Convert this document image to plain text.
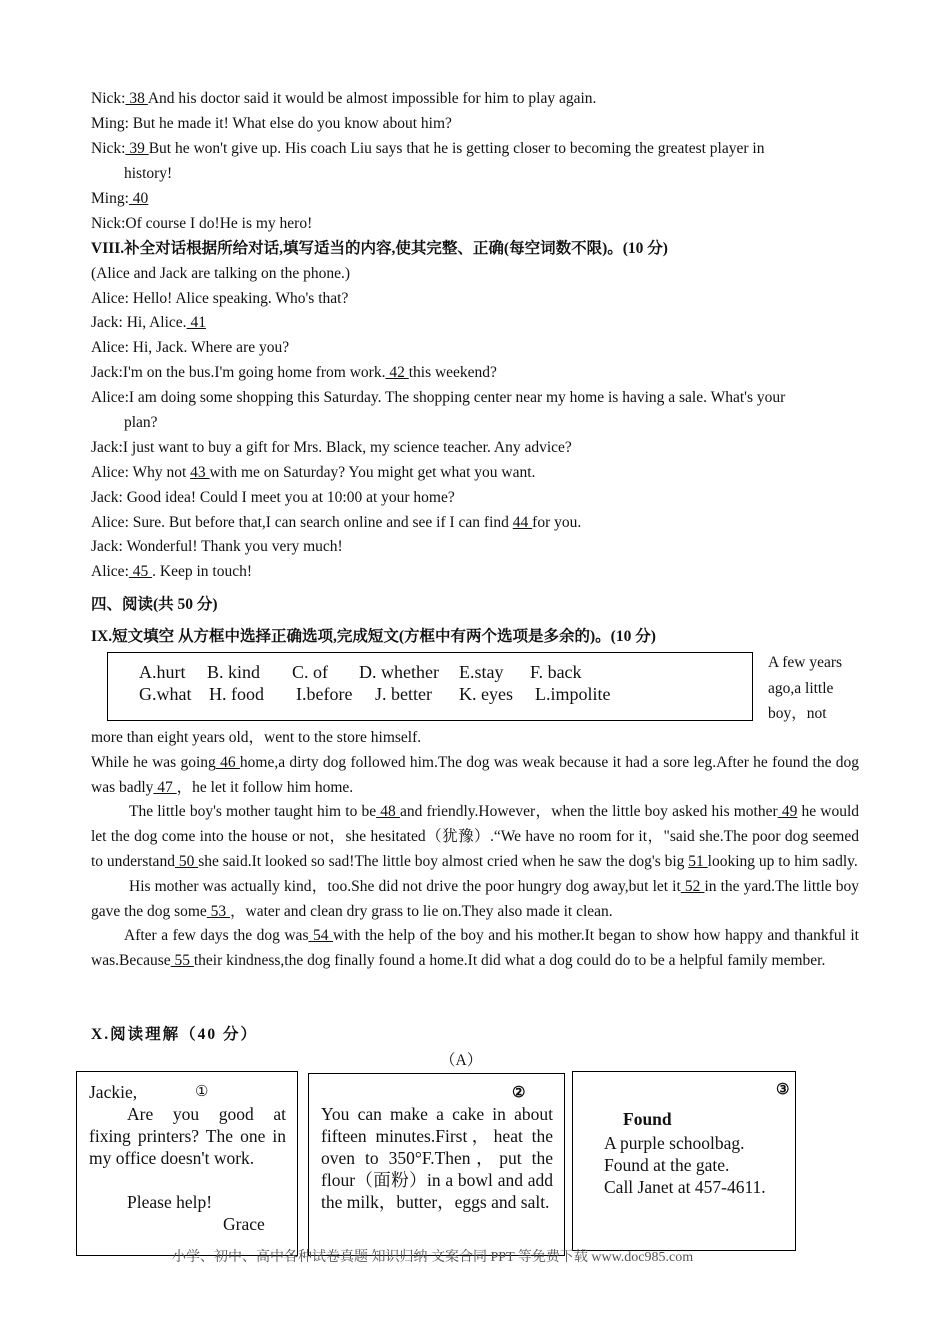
Nick: 38 And his doctor said it would be almost impossible for him to play again.
Ming: But he made it! What else do you know about him?
Nick: 39 But he won't give up. His coach Liu says that he is getting closer to becoming the greatest player in
history!
Ming: 40
Nick:Of course I do!He is my hero!
VIII.补全对话根据所给对话,填写适当的内容,使其完整、正确(每空词数不限)。(10 分)
(Alice and Jack are talking on the phone.)
Alice: Hello! Alice speaking. Who's that?
Jack: Hi, Alice. 41
Alice: Hi, Jack. Where are you?
Jack:I'm on the bus.I'm going home from work. 42 this weekend?
Alice:I am doing some shopping this Saturday. The shopping center near my home is having a sale. What's your
plan?
Jack:I just want to buy a gift for Mrs. Black, my science teacher. Any advice?
Alice: Why not 43 with me on Saturday? You might get what you want.
Jack: Good idea! Could I meet you at 10:00 at your home?
Alice: Sure. But before that,I can search online and see if I can find 44 for you.
Jack: Wonderful! Thank you very much!
Alice: 45 . Keep in touch!
四、阅读(共 50 分)
IX.短文填空 从方框中选择正确选项,完成短文(方框中有两个选项是多余的)。(10 分)
A.hurt B. kind C. of D. whether E.stay F. back
G.what H. food I.before J. better K. eyes L.impolite
A few years ago,a little boy，not

more than eight years old，went to the store himself.

While he was going 46 home,a dirty dog followed him.The dog was weak because it had a sore leg.After he found the dog was badly 47 ，he let it follow him home.

The little boy's mother taught him to be 48 and friendly.However，when the little boy asked his mother 49 he would let the dog come into the house or not，she hesitated（犹豫）.“We have no room for it，"said she.The poor dog seemed to understand 50 she said.It looked so sad!The little boy almost cried when he saw the dog's big 51 looking up to him sadly.

His mother was actually kind，too.She did not drive the poor hungry dog away,but let it 52 in the yard.The little boy gave the dog some 53 ，water and clean dry grass to lie on.They also made it clean.

After a few days the dog was 54 with the help of the boy and his mother.It began to show how happy and thankful it was.Because 55 their kindness,the dog finally found a home.It did what a dog could do to be a helpful family member.

X.阅读理解（40 分）
（A）
①
Jackie,
Are you good at fixing printers? The one in my office doesn't work.
Please help!
Grace
②
You can make a cake in about fifteen minutes.First，heat the oven to 350°F.Then，put the flour（面粉）in a bowl and add the milk，butter，eggs and salt.
③
Found
A purple schoolbag.
Found at the gate.
Call Janet at 457-4611.
小学、初中、高中各种试卷真题 知识归纳 文案合同 PPT 等免费下载 www.doc985.com
